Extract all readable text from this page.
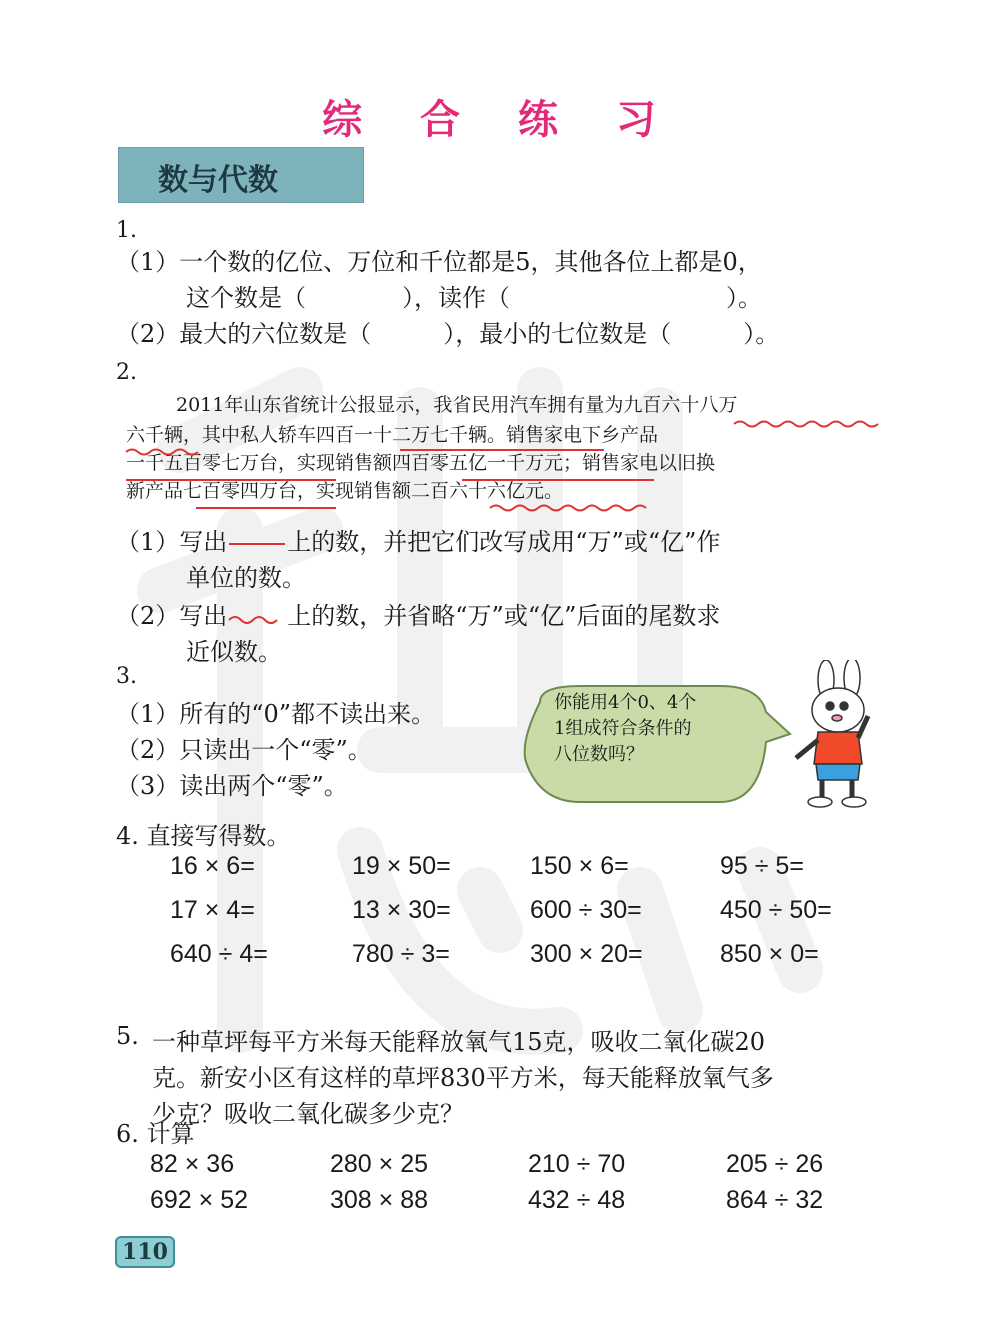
综 合 练 习
数与代数
1.
（1）一个数的亿位、万位和千位都是5，其他各位上都是0，
这个数是（　　　　），读作（　　　　　　　　　）。
（2）最大的六位数是（　　　），最小的七位数是（　　　）。
2.
2011年山东省统计公报显示，我省民用汽车拥有量为九百六十八万
六千辆，其中私人轿车四百一十二万七千辆。销售家电下乡产品
一千五百零七万台，实现销售额四百零五亿一千万元；销售家电以旧换
新产品七百零四万台，实现销售额二百六十六亿元。
（1）写出	上的数，并把它们改写成用“万”或“亿”作
单位的数。
（2）写出	上的数，并省略“万”或“亿”后面的尾数求
近似数。
3.
（1）所有的“0”都不读出来。
（2）只读出一个“零”。
（3）读出两个“零”。
你能用4个0、4个
1组成符合条件的
八位数吗？
4. 直接写得数。
16 × 6=	19 × 50=	150 × 6=	95 ÷ 5=
17 × 4=	13 × 30=	600 ÷ 30=	450 ÷ 50=
640 ÷ 4=	780 ÷ 3=	300 × 20=	850 × 0=
5. 一种草坪每平方米每天能释放氧气15克，吸收二氧化碳20
克。新安小区有这样的草坪830平方米，每天能释放氧气多
少克？吸收二氧化碳多少克？
6. 计算
82 × 36	280 × 25	210 ÷ 70	205 ÷ 26
692 × 52	308 × 88	432 ÷ 48	864 ÷ 32
110
